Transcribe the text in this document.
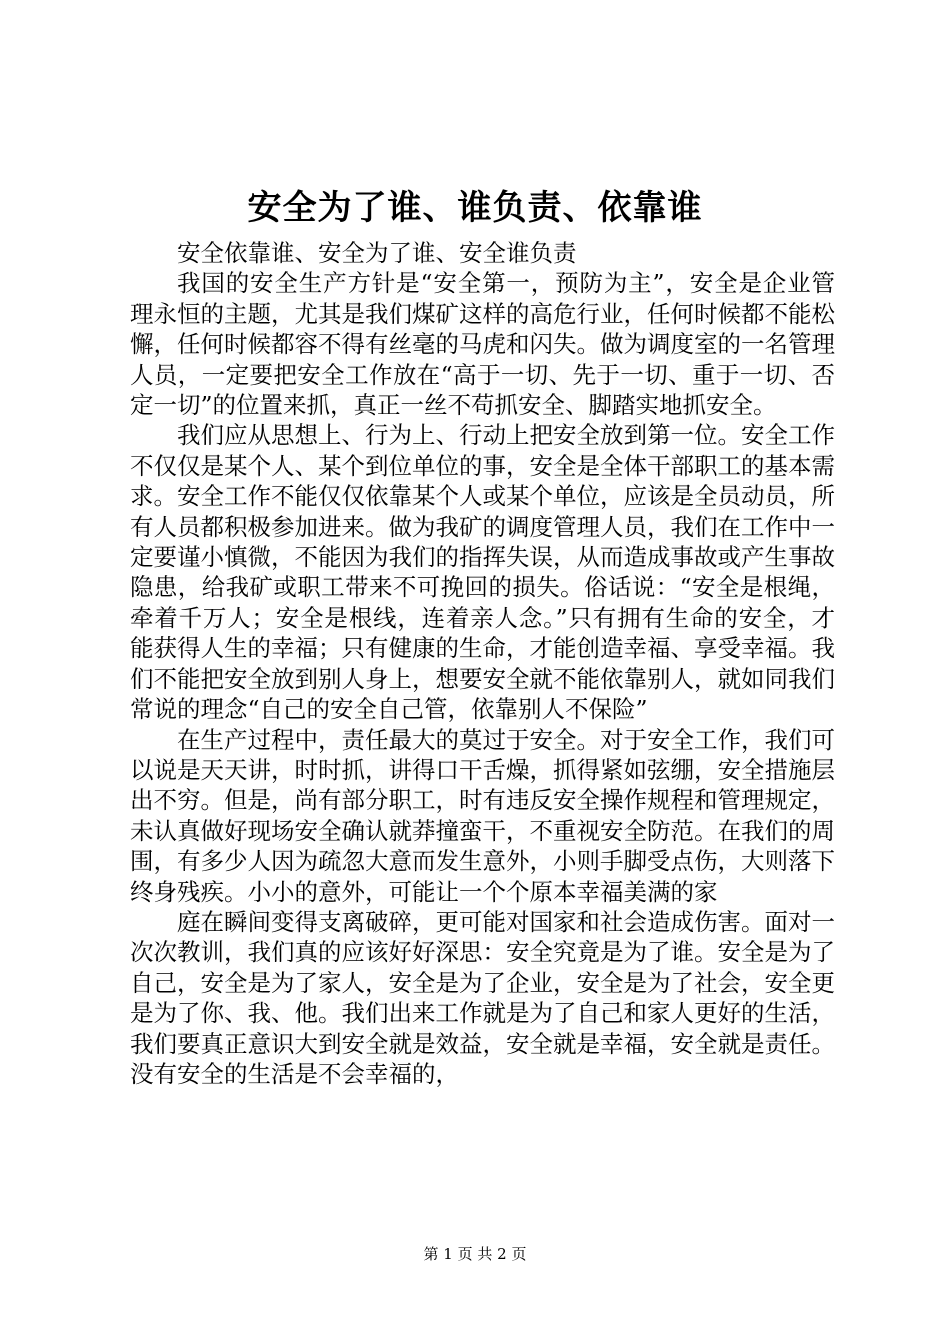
安全为了谁、谁负责、依靠谁

安全依靠谁、安全为了谁、安全谁负责

我国的安全生产方针是“安全第一，预防为主”，安全是企业管理永恒的主题，尤其是我们煤矿这样的高危行业，任何时候都不能松懈，任何时候都容不得有丝毫的马虎和闪失。做为调度室的一名管理人员，一定要把安全工作放在“高于一切、先于一切、重于一切、否定一切”的位置来抓，真正一丝不苟抓安全、脚踏实地抓安全。

我们应从思想上、行为上、行动上把安全放到第一位。安全工作不仅仅是某个人、某个到位单位的事，安全是全体干部职工的基本需求。安全工作不能仅仅依靠某个人或某个单位，应该是全员动员，所有人员都积极参加进来。做为我矿的调度管理人员，我们在工作中一定要谨小慎微，不能因为我们的指挥失误，从而造成事故或产生事故隐患，给我矿或职工带来不可挽回的损失。俗话说：“安全是根绳，牵着千万人；安全是根线，连着亲人念。”只有拥有生命的安全，才能获得人生的幸福；只有健康的生命，才能创造幸福、享受幸福。我们不能把安全放到别人身上，想要安全就不能依靠别人，就如同我们常说的理念“自己的安全自己管，依靠别人不保险”

在生产过程中，责任最大的莫过于安全。对于安全工作，我们可以说是天天讲，时时抓，讲得口干舌燥，抓得紧如弦绷，安全措施层出不穷。但是，尚有部分职工，时有违反安全操作规程和管理规定，未认真做好现场安全确认就莽撞蛮干，不重视安全防范。在我们的周围，有多少人因为疏忽大意而发生意外，小则手脚受点伤，大则落下终身残疾。小小的意外，可能让一个个原本幸福美满的家

庭在瞬间变得支离破碎，更可能对国家和社会造成伤害。面对一次次教训，我们真的应该好好深思：安全究竟是为了谁。安全是为了自己，安全是为了家人，安全是为了企业，安全是为了社会，安全更是为了你、我、他。我们出来工作就是为了自己和家人更好的生活，我们要真正意识大到安全就是效益，安全就是幸福，安全就是责任。没有安全的生活是不会幸福的，

第 1 页 共 2 页
